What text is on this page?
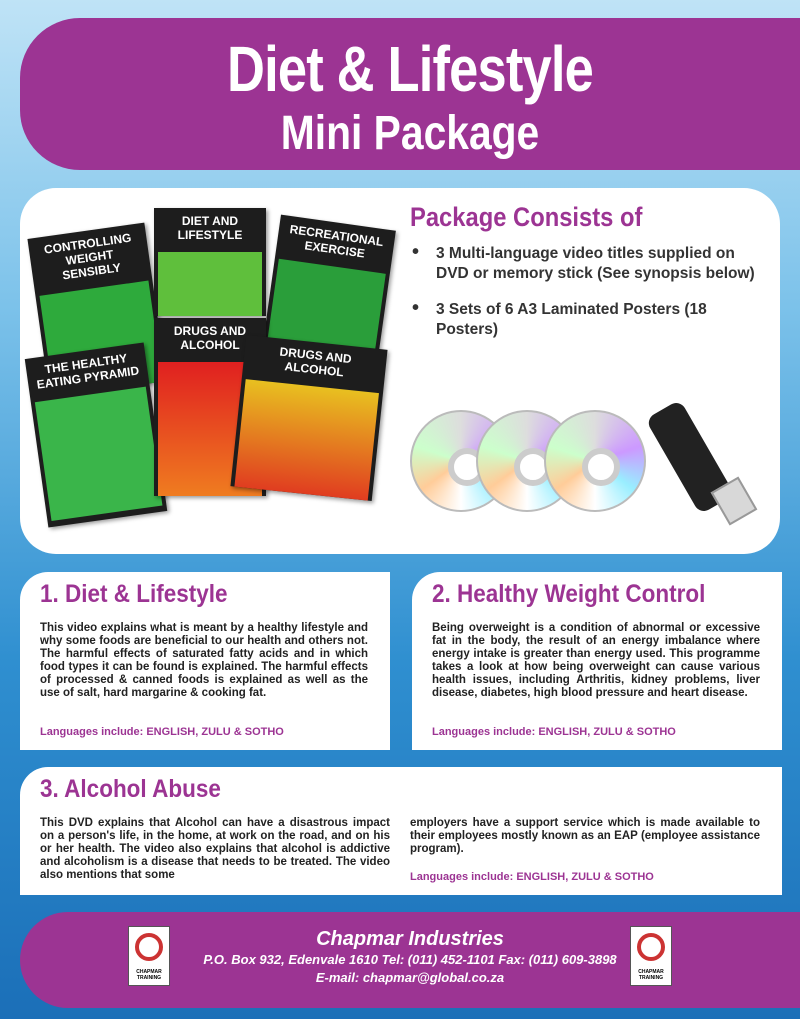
Diet & Lifestyle
Mini Package
CONTROLLING WEIGHT SENSIBLY
DIET AND LIFESTYLE	RECREATIONAL EXERCISE
THE HEALTHY EATING PYRAMID
DRUGS AND ALCOHOL	DRUGS AND ALCOHOL
Package Consists of
• 3 Multi-language video titles supplied on DVD or memory stick (See synopsis below)
• 3 Sets of 6 A3 Laminated Posters (18 Posters)
1. Diet & Lifestyle

This video explains what is meant by a healthy lifestyle and why some foods are beneficial to our health and others not. The harmful effects of saturated fatty acids and in which food types it can be found is explained. The harmful effects of processed & canned foods is explained as well as the use of salt, hard margarine & cooking fat.

Languages include: ENGLISH, ZULU & SOTHO
2. Healthy Weight Control

Being overweight is a condition of abnormal or excessive fat in the body, the result of an energy imbalance where energy intake is greater than energy used. This programme takes a look at how being overweight can cause various health issues, including Arthritis, kidney problems, liver disease, diabetes, high blood pressure and heart disease.

Languages include: ENGLISH, ZULU & SOTHO
3. Alcohol Abuse

This DVD explains that Alcohol can have a disastrous impact on a person's life, in the home, at work on the road, and on his or her health. The video also explains that alcohol is addictive and alcoholism is a disease that needs to be treated. The video also mentions that some

employers have a support service which is made available to their employees mostly known as an EAP (employee assistance program).

Languages include: ENGLISH, ZULU & SOTHO
CHAPMAR TRAINING
Chapmar Industries
P.O. Box 932, Edenvale 1610 Tel: (011) 452-1101 Fax: (011) 609-3898
E-mail: chapmar@global.co.za	CHAPMAR TRAINING
